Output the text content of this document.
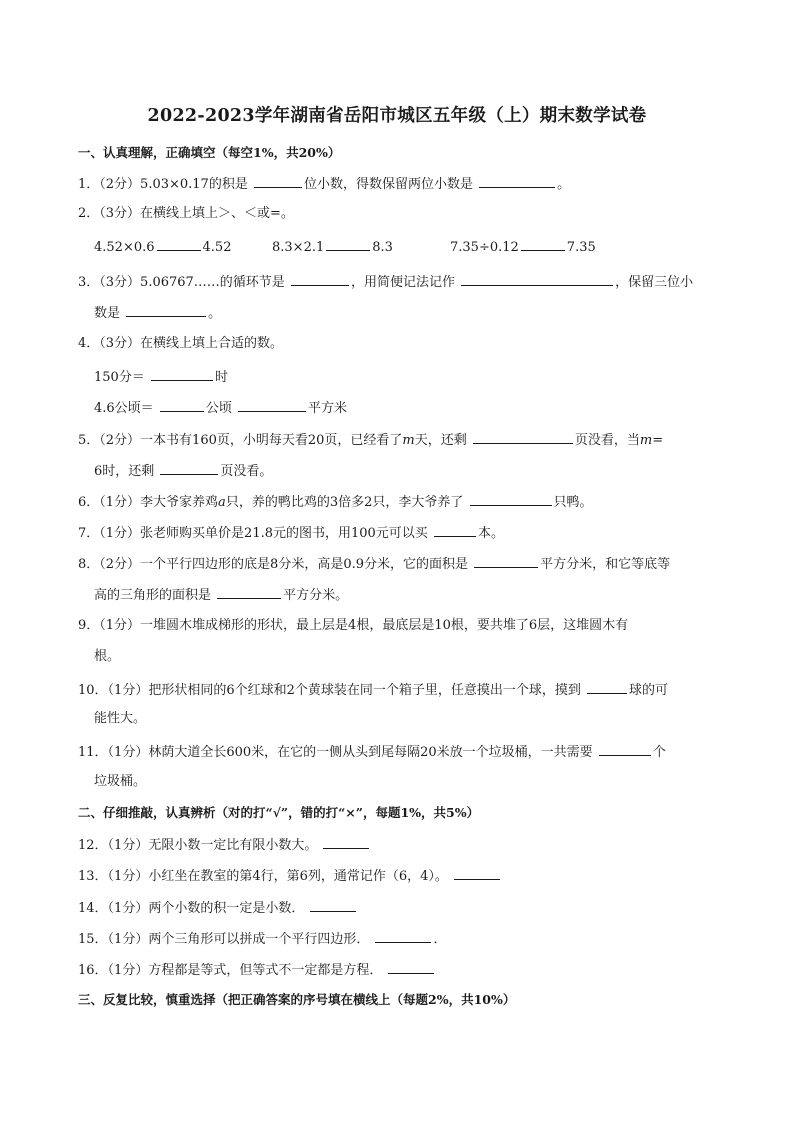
2022-2023学年湖南省岳阳市城区五年级（上）期末数学试卷
一、认真理解，正确填空（每空1%，共20%）
1．（2分）5.03×0.17的积是	位小数，得数保留两位小数是	。
2．（3分）在横线上填上＞、＜或=。
4.52×0.6	4.52	8.3×2.1	8.3	7.35÷0.12	7.35
3．（3分）5.06767……的循环节是	，用简便记法记作	，保留三位小
数是	。
4．（3分）在横线上填上合适的数。
150分＝	时
4.6公顷＝	公顷	平方米
5．（2分）一本书有160页，小明每天看20页，已经看了m天，还剩	页没看，当m=
6时，还剩	页没看。
6．（1分）李大爷家养鸡a只，养的鸭比鸡的3倍多2只，李大爷养了	只鸭。
7．（1分）张老师购买单价是21.8元的图书，用100元可以买	本。
8．（2分）一个平行四边形的底是8分米，高是0.9分米，它的面积是	平方分米，和它等底等
高的三角形的面积是	平方分米。
9．（1分）一堆圆木堆成梯形的形状，最上层是4根，最底层是10根，要共堆了6层，这堆圆木有
根。
10．（1分）把形状相同的6个红球和2个黄球装在同一个箱子里，任意摸出一个球，摸到	球的可
能性大。
11．（1分）林荫大道全长600米，在它的一侧从头到尾每隔20米放一个垃圾桶，一共需要	个
垃圾桶。
二、仔细推敲，认真辨析（对的打“√”，错的打“×”，每题1%，共5%）
12．（1分）无限小数一定比有限小数大。
13．（1分）小红坐在教室的第4行，第6列，通常记作（6，4）。
14．（1分）两个小数的积一定是小数．
15．（1分）两个三角形可以拼成一个平行四边形．	．
16．（1分）方程都是等式，但等式不一定都是方程．
三、反复比较，慎重选择（把正确答案的序号填在横线上（每题2%，共10%）
